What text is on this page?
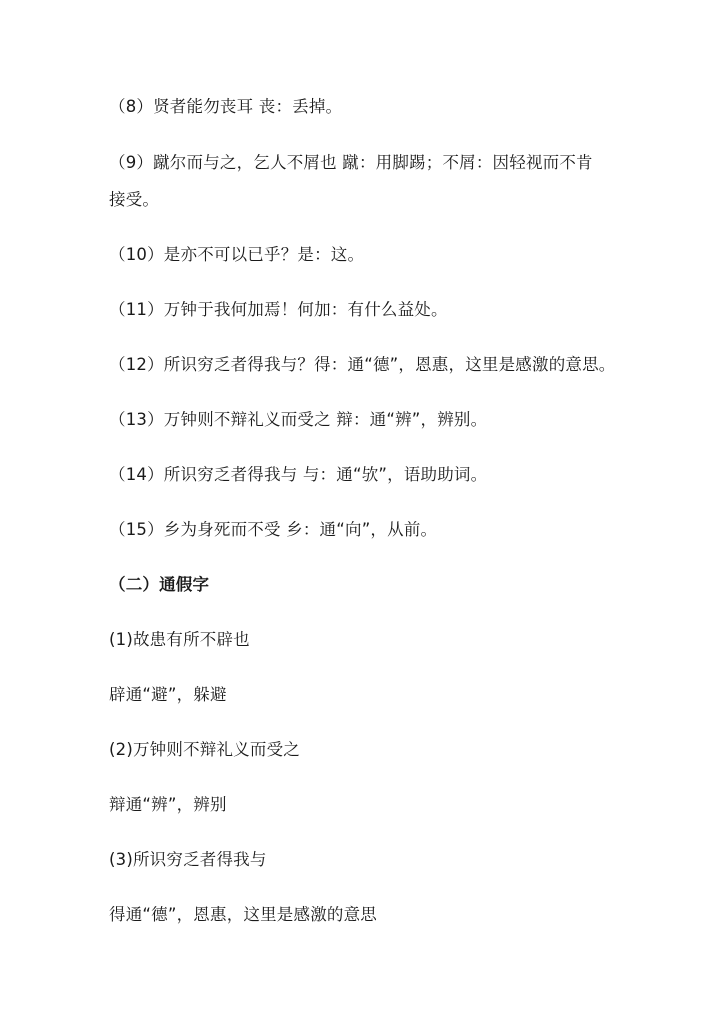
（8）贤者能勿丧耳 丧：丢掉。
（9）蹴尔而与之，乞人不屑也 蹴：用脚踢；不屑：因轻视而不肯
接受。
（10）是亦不可以已乎？是：这。
（11）万钟于我何加焉！何加：有什么益处。
（12）所识穷乏者得我与？得：通“德”，恩惠，这里是感激的意思。
（13）万钟则不辩礼义而受之 辩：通“辨”，辨别。
（14）所识穷乏者得我与 与：通“欤”，语助助词。
（15）乡为身死而不受 乡：通“向”，从前。
（二）通假字
(1)故患有所不辟也
辟通“避”，躲避
(2)万钟则不辩礼义而受之
辩通“辨”，辨别
(3)所识穷乏者得我与
得通“德”，恩惠，这里是感激的意思
